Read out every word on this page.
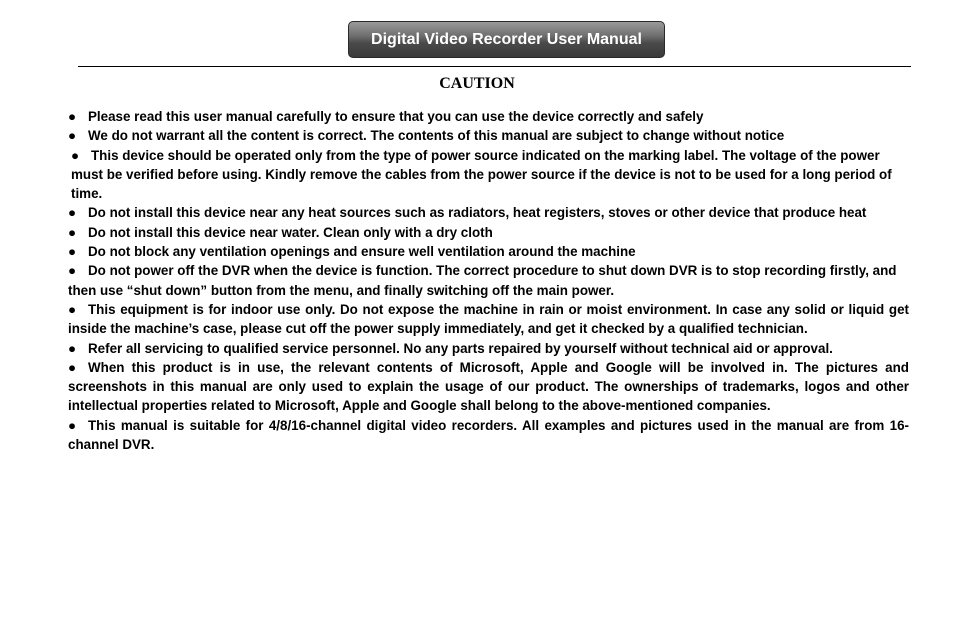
Digital Video Recorder User Manual
CAUTION

● Please read this user manual carefully to ensure that you can use the device correctly and safely

● We do not warrant all the content is correct. The contents of this manual are subject to change without notice

● This device should be operated only from the type of power source indicated on the marking label. The voltage of the power must be verified before using. Kindly remove the cables from the power source if the device is not to be used for a long period of time.

● Do not install this device near any heat sources such as radiators, heat registers, stoves or other device that produce heat

● Do not install this device near water. Clean only with a dry cloth

● Do not block any ventilation openings and ensure well ventilation around the machine

● Do not power off the DVR when the device is function. The correct procedure to shut down DVR is to stop recording firstly, and then use “shut down” button from the menu, and finally switching off the main power.

● This equipment is for indoor use only. Do not expose the machine in rain or moist environment. In case any solid or liquid get inside the machine’s case, please cut off the power supply immediately, and get it checked by a qualified technician.

● Refer all servicing to qualified service personnel. No any parts repaired by yourself without technical aid or approval.

● When this product is in use, the relevant contents of Microsoft, Apple and Google will be involved in. The pictures and screenshots in this manual are only used to explain the usage of our product. The ownerships of trademarks, logos and other intellectual properties related to Microsoft, Apple and Google shall belong to the above-mentioned companies.

● This manual is suitable for 4/8/16-channel digital video recorders. All examples and pictures used in the manual are from 16-channel DVR.
